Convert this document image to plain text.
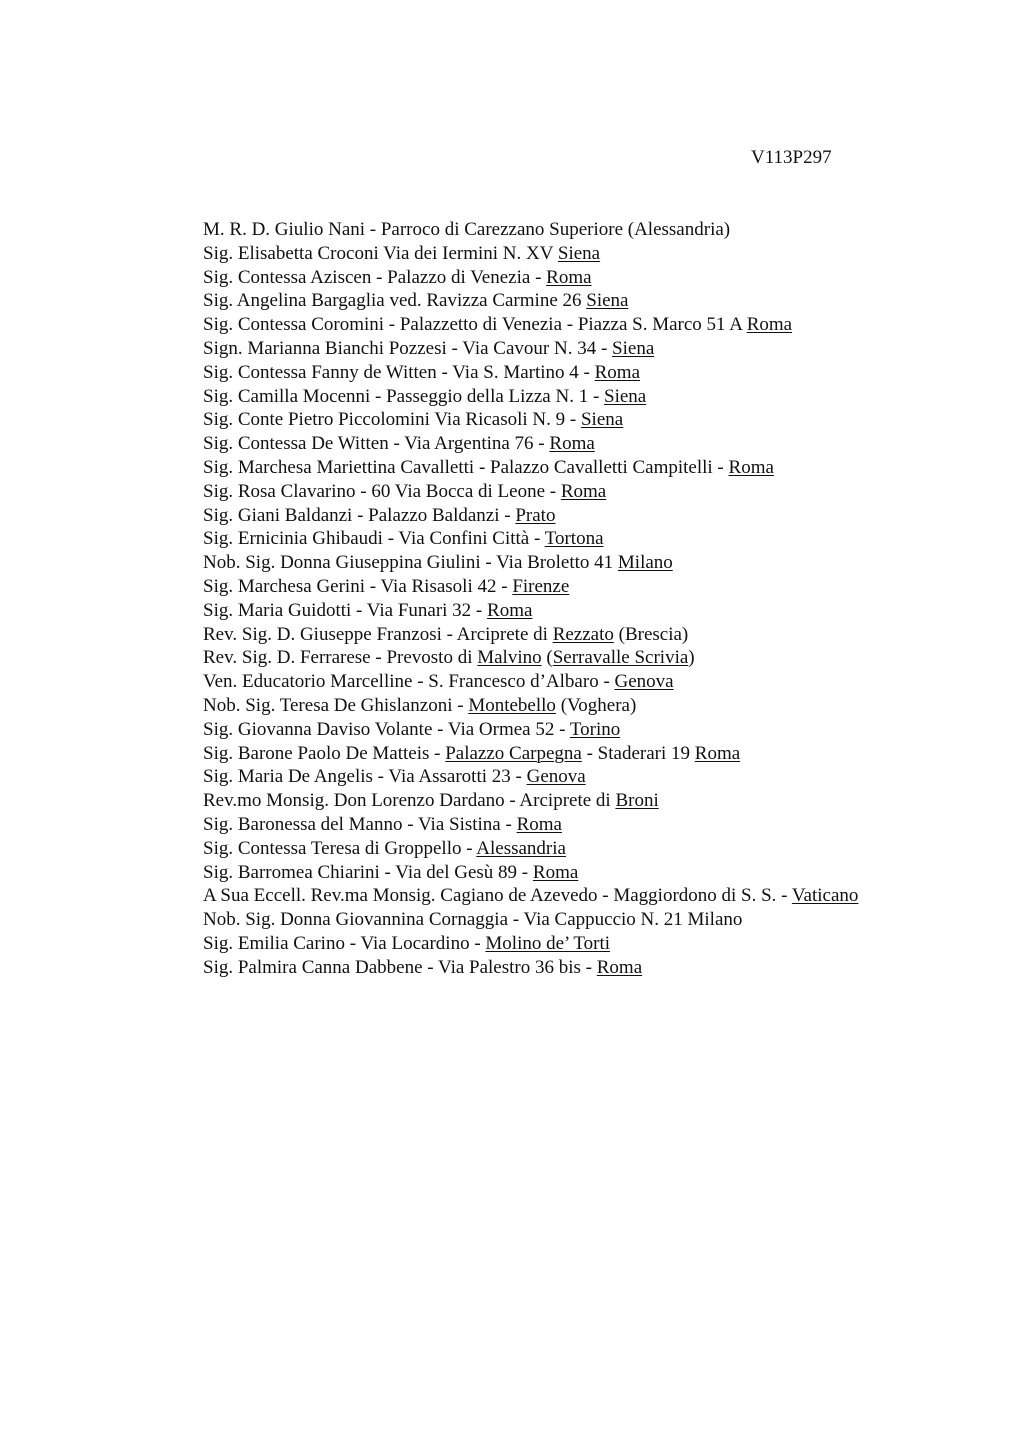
V113P297
M. R. D. Giulio Nani - Parroco di Carezzano Superiore (Alessandria)
Sig. Elisabetta Croconi Via dei Iermini N. XV Siena
Sig. Contessa Aziscen - Palazzo di Venezia - Roma
Sig. Angelina Bargaglia ved. Ravizza Carmine 26 Siena
Sig. Contessa Coromini - Palazzetto di Venezia - Piazza S. Marco 51 A Roma
Sign. Marianna Bianchi Pozzesi - Via Cavour N. 34 - Siena
Sig. Contessa Fanny de Witten - Via S. Martino 4 - Roma
Sig. Camilla Mocenni - Passeggio della Lizza N. 1 - Siena
Sig. Conte Pietro Piccolomini Via Ricasoli N. 9 - Siena
Sig. Contessa De Witten - Via Argentina 76 - Roma
Sig. Marchesa Mariettina Cavalletti - Palazzo Cavalletti Campitelli - Roma
Sig. Rosa Clavarino - 60 Via Bocca di Leone - Roma
Sig. Giani Baldanzi - Palazzo Baldanzi - Prato
Sig. Ernicinia Ghibaudi - Via Confini Città - Tortona
Nob. Sig. Donna Giuseppina Giulini - Via Broletto 41 Milano
Sig. Marchesa Gerini - Via Risasoli 42 - Firenze
Sig. Maria Guidotti - Via Funari 32 - Roma
Rev. Sig. D. Giuseppe Franzosi - Arciprete di Rezzato (Brescia)
Rev. Sig. D. Ferrarese - Prevosto di Malvino (Serravalle Scrivia)
Ven. Educatorio Marcelline - S. Francesco d’Albaro - Genova
Nob. Sig. Teresa De Ghislanzoni - Montebello (Voghera)
Sig. Giovanna Daviso Volante - Via Ormea 52 - Torino
Sig. Barone Paolo De Matteis - Palazzo Carpegna - Staderari 19 Roma
Sig. Maria De Angelis - Via Assarotti 23 - Genova
Rev.mo Monsig. Don Lorenzo Dardano - Arciprete di Broni
Sig. Baronessa del Manno - Via Sistina - Roma
Sig. Contessa Teresa di Groppello - Alessandria
Sig. Barromea Chiarini - Via del Gesù 89 - Roma
A Sua Eccell. Rev.ma Monsig. Cagiano de Azevedo - Maggiordono di S. S. - Vaticano
Nob. Sig. Donna Giovannina Cornaggia - Via Cappuccio N. 21 Milano
Sig. Emilia Carino - Via Locardino - Molino de’ Torti
Sig. Palmira Canna Dabbene - Via Palestro 36 bis - Roma
